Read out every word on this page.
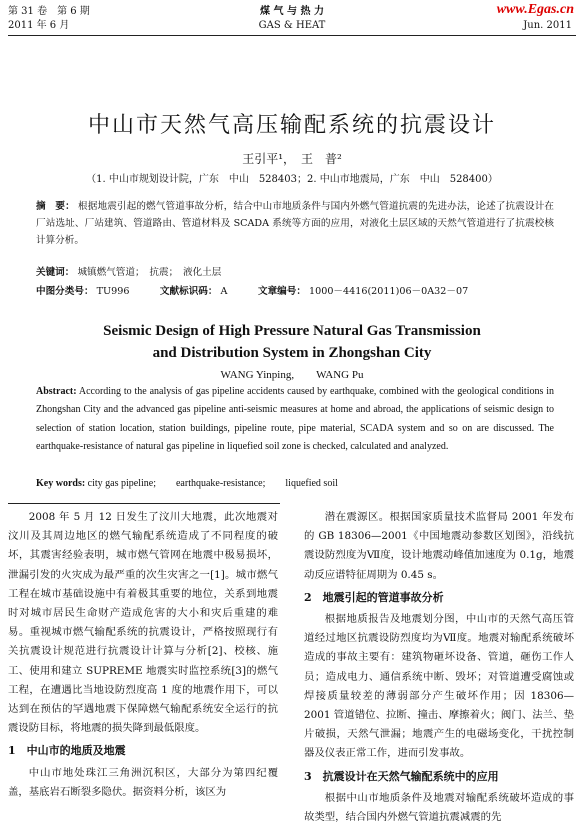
第 31 卷　第 6 期
2011 年 6 月
煤 气 与 热 力
GAS & HEAT
www.Egas.cn
Jun. 2011
中山市天然气高压输配系统的抗震设计
王引平¹，　王　普²
（1. 中山市规划设计院，广东　中山　528403；2. 中山市地震局，广东　中山　528400）
摘　要： 根据地震引起的燃气管道事故分析，结合中山市地质条件与国内外燃气管道抗震的先进办法，论述了抗震设计在厂站选址、厂站建筑、管道路由、管道材料及 SCADA 系统等方面的应用，对液化土层区域的天然气管道进行了抗震校核计算分析。
关键词： 城镇燃气管道；　抗震；　液化土层
中图分类号： TU996	文献标识码： A	文章编号： 1000－4416(2011)06－0A32－07
Seismic Design of High Pressure Natural Gas Transmission
and Distribution System in Zhongshan City
WANG Yinping,　　WANG Pu
Abstract: According to the analysis of gas pipeline accidents caused by earthquake, combined with the geological conditions in Zhongshan City and the advanced gas pipeline anti-seismic measures at home and abroad, the applications of seismic design to selection of station location, station buildings, pipeline route, pipe material, SCADA system and so on are discussed. The earthquake-resistance of natural gas pipeline in liquefied soil zone is checked, calculated and analyzed.
Key words: city gas pipeline;　　earthquake-resistance;　　liquefied soil

2008 年 5 月 12 日发生了汶川大地震，此次地震对汶川及其周边地区的燃气输配系统造成了不同程度的破坏，其震害经验表明，城市燃气管网在地震中极易损坏，泄漏引发的火灾成为最严重的次生灾害之一[1]。城市燃气工程在城市基础设施中有着极其重要的地位，关系到地震时对城市居民生命财产造成危害的大小和灾后重建的难易。重视城市燃气输配系统的抗震设计，严格按照现行有关抗震设计规范进行抗震设计计算与分析[2]、校核、施工、使用和建立 SUPREME 地震实时监控系统[3]的燃气工程，在遭遇比当地设防烈度高 1 度的地震作用下，可以达到在预估的罕遇地震下保障燃气输配系统安全运行的抗震设防目标，将地震的损失降到最低限度。

1　中山市的地质及地震

中山市地处珠江三角洲沉积区，大部分为第四纪覆盖，基底岩石断裂多隐伏。据资料分析，该区为

潜在震源区。根据国家质量技术监督局 2001 年发布的 GB 18306—2001《中国地震动参数区划图》，沿线抗震设防烈度为Ⅶ度，设计地震动峰值加速度为 0.1g，地震动反应谱特征周期为 0.45 s。

2　地震引起的管道事故分析

根据地质报告及地震划分图，中山市的天然气高压管道经过地区抗震设防烈度均为Ⅶ度。地震对输配系统破坏造成的事故主要有：建筑物砸坏设备、管道，砸伤工作人员；造成电力、通信系统中断、毁坏；对管道遭受腐蚀或焊接质量较差的薄弱部分产生破坏作用；因 18306—2001 管道错位、拉断、撞击、摩擦着火；阀门、法兰、垫片破损，天然气泄漏；地震产生的电磁场变化，干扰控制器及仪表正常工作，进而引发事故。

3　抗震设计在天然气输配系统中的应用

根据中山市地质条件及地震对输配系统破坏造成的事故类型，结合国内外燃气管道抗震减震的先
